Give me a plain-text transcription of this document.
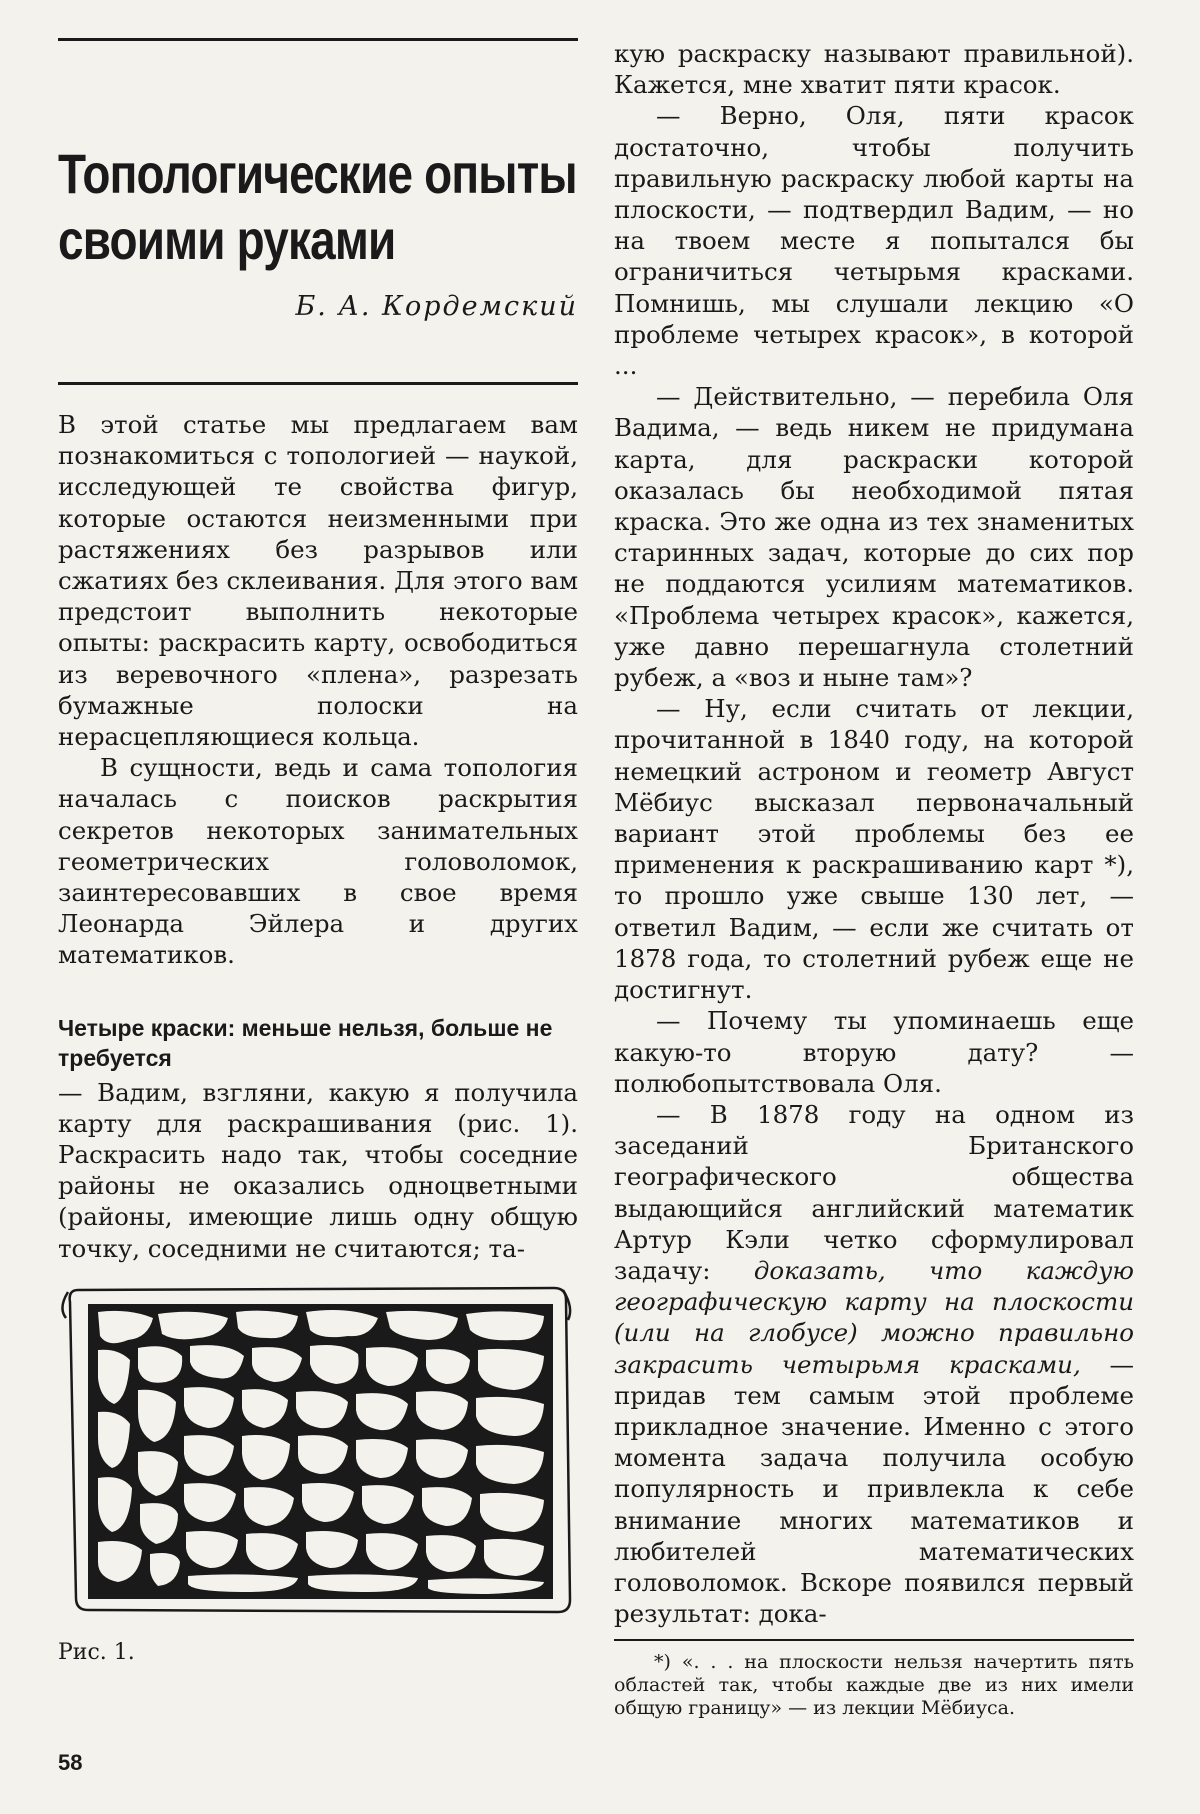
Топологические опыты своими руками
Б. А. Кордемский

В этой статье мы предлагаем вам познакомиться с топологией — наукой, исследующей те свойства фигур, которые остаются неизменными при растяжениях без разрывов или сжатиях без склеивания. Для этого вам предстоит выполнить некоторые опыты: раскрасить карту, освободиться из веревочного «плена», разрезать бумажные полоски на нерасцепляющиеся кольца.

В сущности, ведь и сама топология началась с поисков раскрытия секретов некоторых занимательных геометрических головоломок, заинтересовавших в свое время Леонарда Эйлера и других математиков.

Четыре краски: меньше нельзя, больше не требуется

— Вадим, взгляни, какую я получила карту для раскрашивания (рис. 1). Раскрасить надо так, чтобы соседние районы не оказались одноцветными (районы, имеющие лишь одну общую точку, соседними не считаются; та-

Рис. 1.

кую раскраску называют правильной). Кажется, мне хватит пяти красок.

— Верно, Оля, пяти красок достаточно, чтобы получить правильную раскраску любой карты на плоскости, — подтвердил Вадим, — но на твоем месте я попытался бы ограничиться четырьмя красками. Помнишь, мы слушали лекцию «О проблеме четырех красок», в которой ...

— Действительно, — перебила Оля Вадима, — ведь никем не придумана карта, для раскраски которой оказалась бы необходимой пятая краска. Это же одна из тех знаменитых старинных задач, которые до сих пор не поддаются усилиям математиков. «Проблема четырех красок», кажется, уже давно перешагнула столетний рубеж, а «воз и ныне там»?

— Ну, если считать от лекции, прочитанной в 1840 году, на которой немецкий астроном и геометр Август Мёбиус высказал первоначальный вариант этой проблемы без ее применения к раскрашиванию карт *), то прошло уже свыше 130 лет, — ответил Вадим, — если же считать от 1878 года, то столетний рубеж еще не достигнут.

— Почему ты упоминаешь еще какую-то вторую дату? — полюбопытствовала Оля.

— В 1878 году на одном из заседаний Британского географического общества выдающийся английский математик Артур Кэли четко сформулировал задачу: доказать, что каждую географическую карту на плоскости (или на глобусе) можно правильно закрасить четырьмя красками, — придав тем самым этой проблеме прикладное значение. Именно с этого момента задача получила особую популярность и привлекла к себе внимание многих математиков и любителей математических головоломок. Вскоре появился первый результат: дока-

*) «. . . на плоскости нельзя начертить пять областей так, чтобы каждые две из них имели общую границу» — из лекции Мёбиуса.
58
